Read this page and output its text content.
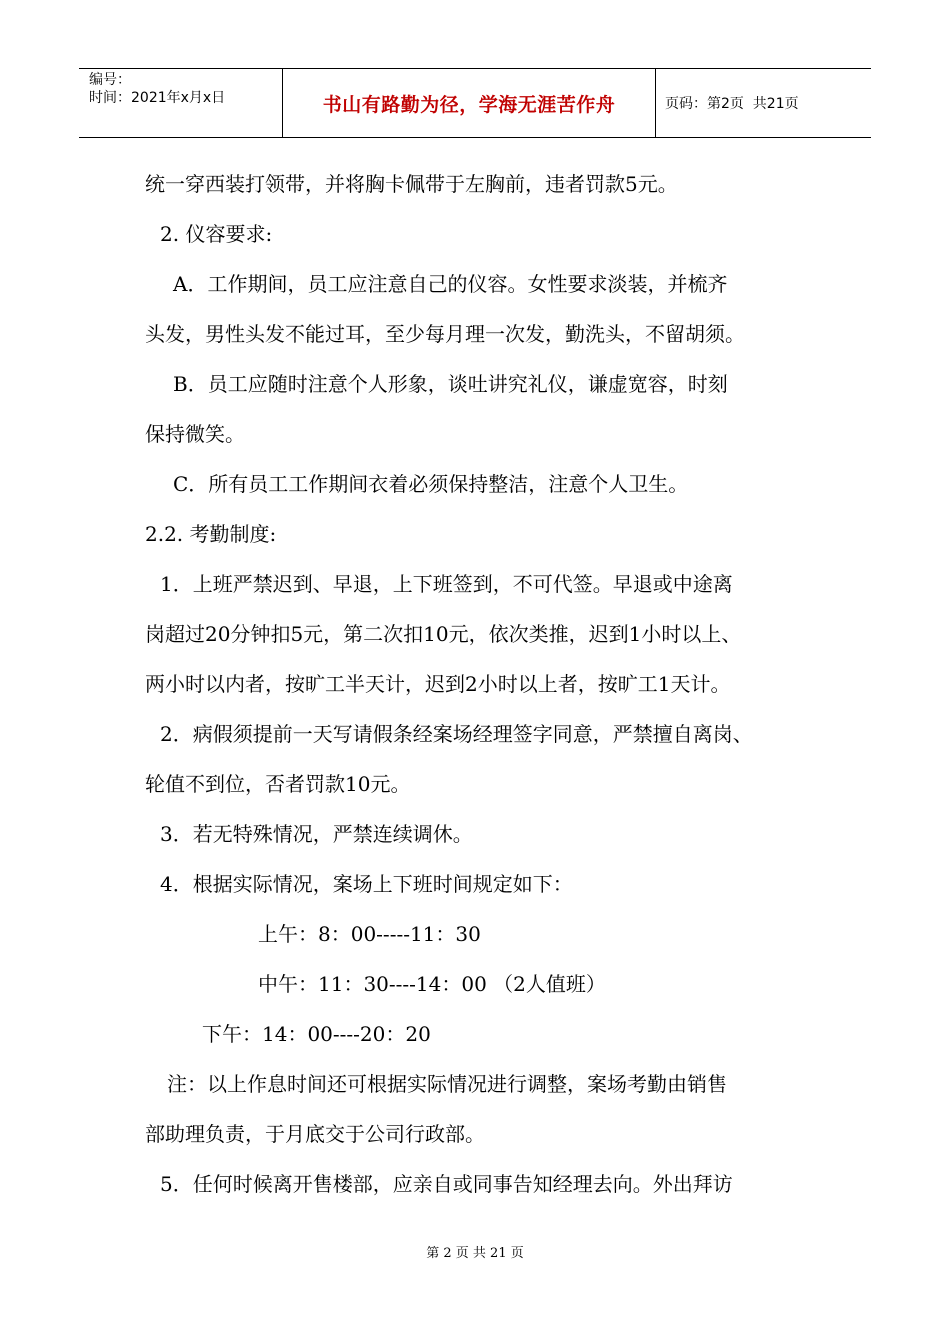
编号：
时间：2021年x月x日	书山有路勤为径，学海无涯苦作舟	页码：第2页  共21页
统一穿西装打领带，并将胸卡佩带于左胸前，违者罚款5元。
2. 仪容要求:
A．工作期间，员工应注意自己的仪容。女性要求淡装，并梳齐
头发，男性头发不能过耳，至少每月理一次发，勤洗头，不留胡须。
B．员工应随时注意个人形象，谈吐讲究礼仪，谦虚宽容，时刻
保持微笑。
C．所有员工工作期间衣着必须保持整洁，注意个人卫生。
2.2. 考勤制度:
1．上班严禁迟到、早退，上下班签到，不可代签。早退或中途离
岗超过20分钟扣5元，第二次扣10元，依次类推，迟到1小时以上、
两小时以内者，按旷工半天计，迟到2小时以上者，按旷工1天计。
2．病假须提前一天写请假条经案场经理签字同意，严禁擅自离岗、
轮值不到位，否者罚款10元。
3．若无特殊情况，严禁连续调休。
4．根据实际情况，案场上下班时间规定如下：
上午：8：00-----11：30
中午：11：30----14：00 （2人值班）
下午：14：00----20：20
注：以上作息时间还可根据实际情况进行调整，案场考勤由销售
部助理负责，于月底交于公司行政部。
5．任何时候离开售楼部，应亲自或同事告知经理去向。外出拜访
第 2 页 共 21 页
